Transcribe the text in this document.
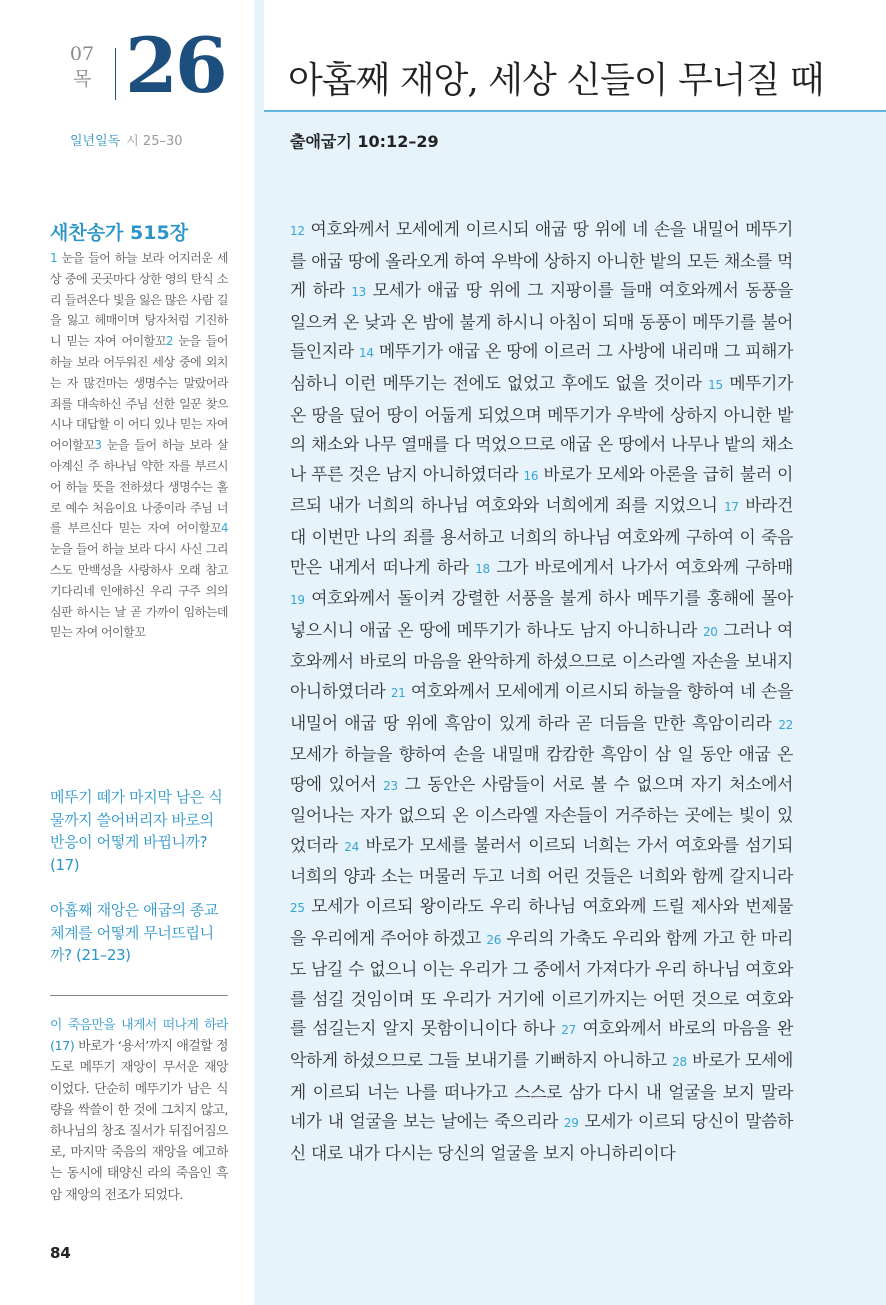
07
목 26
일년일독 시 25–30
아홉째 재앙, 세상 신들이 무너질 때
출애굽기 10:12–29
12 여호와께서 모세에게 이르시되 애굽 땅 위에 네 손을 내밀어 메뚜기를 애굽 땅에 올라오게 하여 우박에 상하지 아니한 밭의 모든 채소를 먹게 하라 13 모세가 애굽 땅 위에 그 지팡이를 들매 여호와께서 동풍을 일으켜 온 낮과 온 밤에 불게 하시니 아침이 되매 동풍이 메뚜기를 불어 들인지라 14 메뚜기가 애굽 온 땅에 이르러 그 사방에 내리매 그 피해가 심하니 이런 메뚜기는 전에도 없었고 후에도 없을 것이라 15 메뚜기가 온 땅을 덮어 땅이 어둡게 되었으며 메뚜기가 우박에 상하지 아니한 밭의 채소와 나무 열매를 다 먹었으므로 애굽 온 땅에서 나무나 밭의 채소나 푸른 것은 남지 아니하였더라 16 바로가 모세와 아론을 급히 불러 이르되 내가 너희의 하나님 여호와와 너희에게 죄를 지었으니 17 바라건대 이번만 나의 죄를 용서하고 너희의 하나님 여호와께 구하여 이 죽음만은 내게서 떠나게 하라 18 그가 바로에게서 나가서 여호와께 구하매 19 여호와께서 돌이켜 강렬한 서풍을 불게 하사 메뚜기를 홍해에 몰아넣으시니 애굽 온 땅에 메뚜기가 하나도 남지 아니하니라 20 그러나 여호와께서 바로의 마음을 완악하게 하셨으므로 이스라엘 자손을 보내지 아니하였더라 21 여호와께서 모세에게 이르시되 하늘을 향하여 네 손을 내밀어 애굽 땅 위에 흑암이 있게 하라 곧 더듬을 만한 흑암이리라 22 모세가 하늘을 향하여 손을 내밀매 캄캄한 흑암이 삼 일 동안 애굽 온 땅에 있어서 23 그 동안은 사람들이 서로 볼 수 없으며 자기 처소에서 일어나는 자가 없으되 온 이스라엘 자손들이 거주하는 곳에는 빛이 있었더라 24 바로가 모세를 불러서 이르되 너희는 가서 여호와를 섬기되 너희의 양과 소는 머물러 두고 너희 어린 것들은 너희와 함께 갈지니라 25 모세가 이르되 왕이라도 우리 하나님 여호와께 드릴 제사와 번제물을 우리에게 주어야 하겠고 26 우리의 가축도 우리와 함께 가고 한 마리도 남길 수 없으니 이는 우리가 그 중에서 가져다가 우리 하나님 여호와를 섬길 것임이며 또 우리가 거기에 이르기까지는 어떤 것으로 여호와를 섬길는지 알지 못함이니이다 하나 27 여호와께서 바로의 마음을 완악하게 하셨으므로 그들 보내기를 기뻐하지 아니하고 28 바로가 모세에게 이르되 너는 나를 떠나가고 스스로 삼가 다시 내 얼굴을 보지 말라 네가 내 얼굴을 보는 날에는 죽으리라 29 모세가 이르되 당신이 말씀하신 대로 내가 다시는 당신의 얼굴을 보지 아니하리이다
새찬송가 515장
1 눈을 들어 하늘 보라 어지러운 세상 중에 곳곳마다 상한 영의 탄식 소리 들려온다 빛을 잃은 많은 사람 길을 잃고 헤매이며 탕자처럼 기진하니 믿는 자여 어이할꼬2 눈을 들어 하늘 보라 어두워진 세상 중에 외치는 자 많건마는 생명수는 말랐어라 죄를 대속하신 주님 선한 일꾼 찾으시나 대답할 이 어디 있나 믿는 자여 어이할꼬3 눈을 들어 하늘 보라 살아계신 주 하나님 약한 자를 부르시어 하늘 뜻을 전하셨다 생명수는 홀로 예수 처음이요 나중이라 주님 너를 부르신다 믿는 자여 어이할꼬4 눈을 들어 하늘 보라 다시 사신 그리스도 만백성을 사랑하사 오래 참고 기다리네 인애하신 우리 구주 의의 심판 하시는 날 곧 가까이 임하는데 믿는 자여 어이할꼬
메뚜기 떼가 마지막 남은 식물까지 쓸어버리자 바로의 반응이 어떻게 바뀝니까? (17)
아홉째 재앙은 애굽의 종교 체계를 어떻게 무너뜨립니까? (21–23)
이 죽음만을 내게서 떠나게 하라(17) 바로가 ‘용서’까지 애걸할 정도로 메뚜기 재앙이 무서운 재앙이었다. 단순히 메뚜기가 남은 식량을 싹쓸이 한 것에 그치지 않고, 하나님의 창조 질서가 뒤집어짐으로, 마지막 죽음의 재앙을 예고하는 동시에 태양신 라의 죽음인 흑암 재앙의 전조가 되었다.
84
